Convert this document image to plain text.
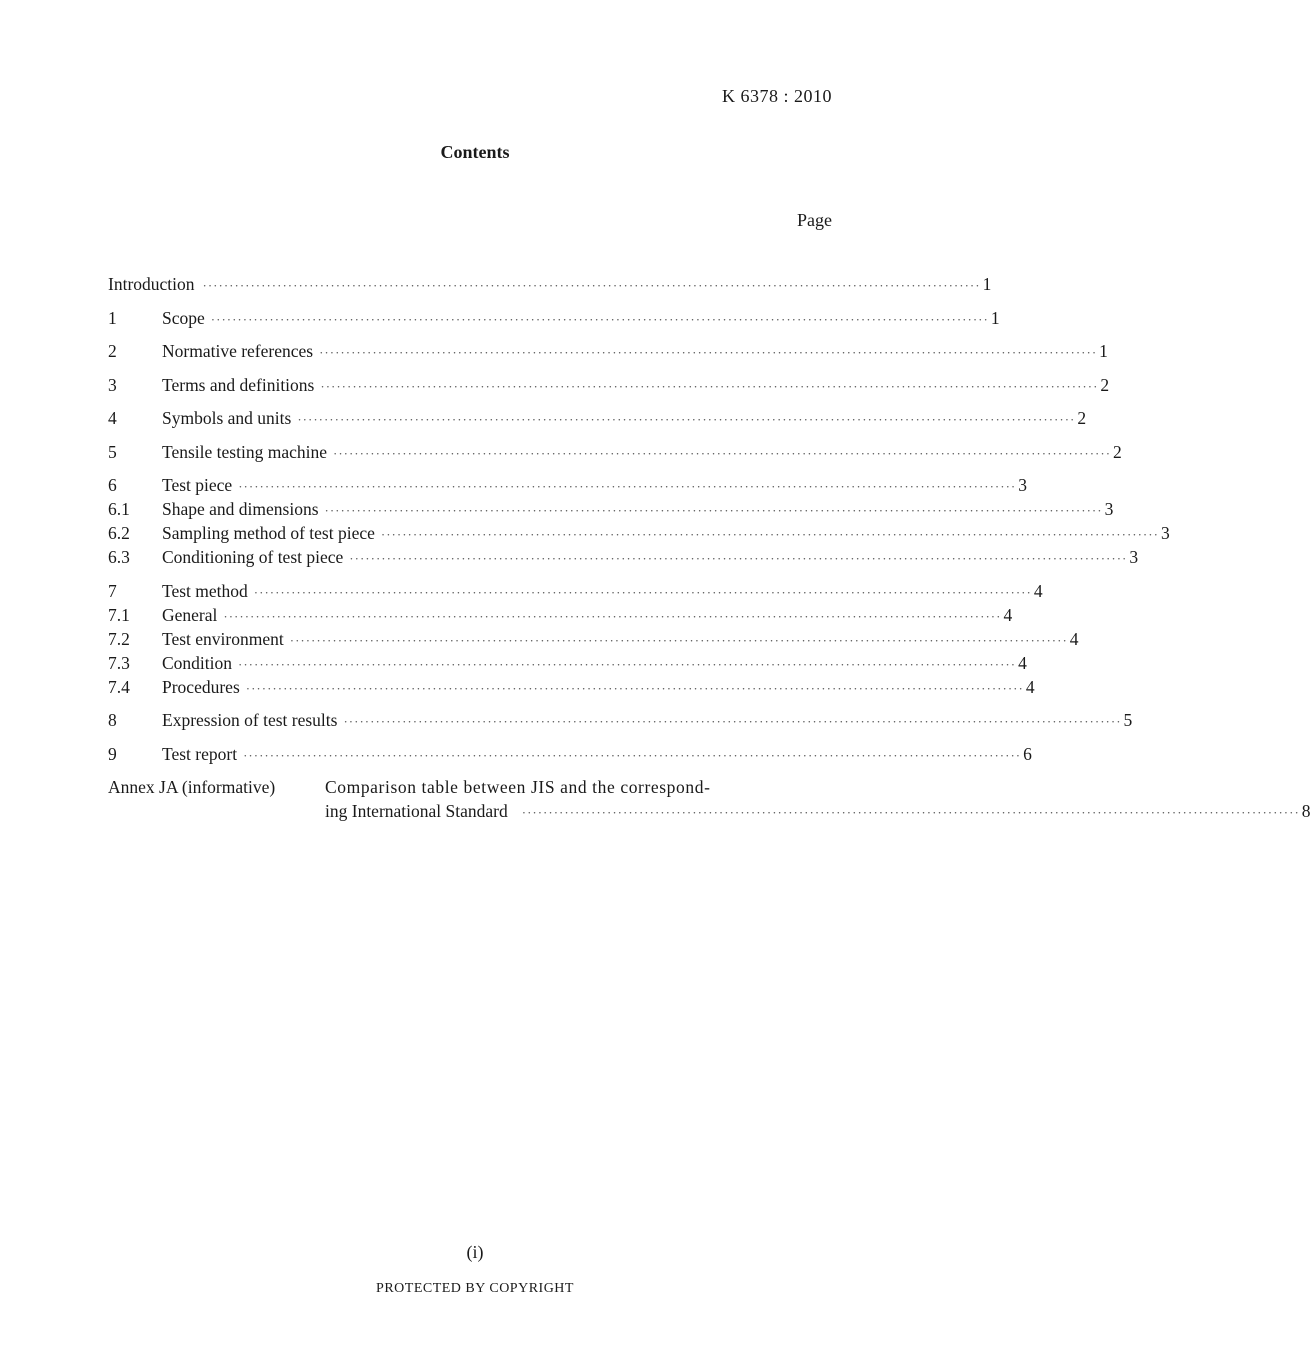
K 6378 : 2010
Contents
Page
Introduction ·····	1
1	Scope ·····	1
2	Normative references ·····	1
3	Terms and definitions ·····	2
4	Symbols and units ·····	2
5	Tensile testing machine ·····	2
6	Test piece ·····	3
6.1	Shape and dimensions ·····	3
6.2	Sampling method of test piece ·····	3
6.3	Conditioning of test piece ·····	3
7	Test method ·····	4
7.1	General ·····	4
7.2	Test environment ·····	4
7.3	Condition ·····	4
7.4	Procedures ·····	4
8	Expression of test results ·····	5
9	Test report ·····	6
Annex JA (informative)	Comparison table between JIS and the correspond-
ing International Standard ·····	8
(i)
PROTECTED BY COPYRIGHT
